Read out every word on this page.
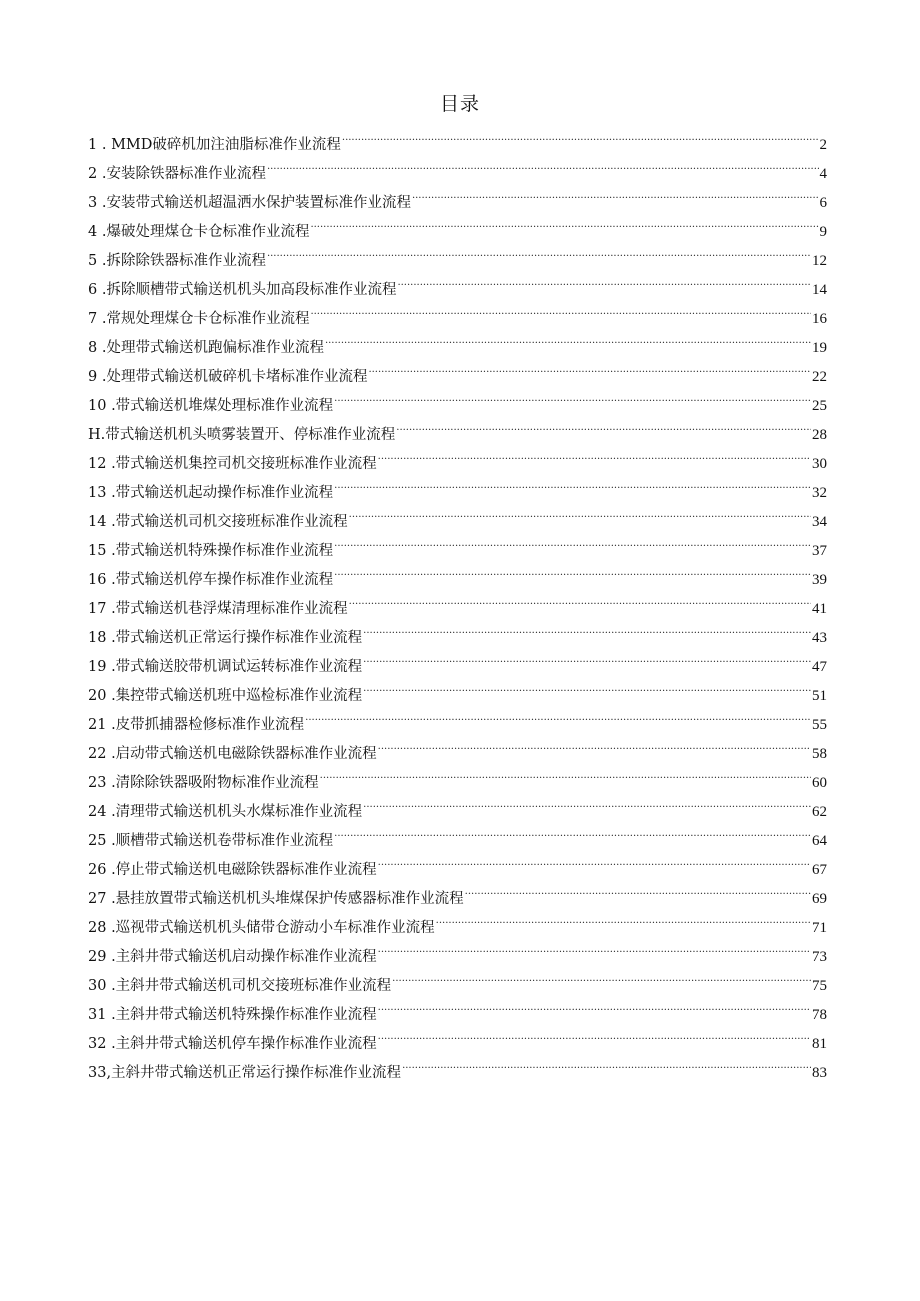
目录
1 . MMD破碎机加注油脂标准作业流程 .....	2
2 .安装除铁器标准作业流程 .....	4
3 .安装带式输送机超温洒水保护装置标准作业流程 .....	6
4 .爆破处理煤仓卡仓标准作业流程 .....	9
5 .拆除除铁器标准作业流程 .....	12
6 .拆除顺槽带式输送机机头加高段标准作业流程 .....	14
7 .常规处理煤仓卡仓标准作业流程 .....	16
8 .处理带式输送机跑偏标准作业流程 .....	19
9 .处理带式输送机破碎机卡堵标准作业流程 .....	22
10 .带式输送机堆煤处理标准作业流程 .....	25
H .带式输送机机头喷雾装置开、停标准作业流程 .....	28
12 .带式输送机集控司机交接班标准作业流程 .....	30
13 .带式输送机起动操作标准作业流程 .....	32
14 .带式输送机司机交接班标准作业流程 .....	34
15 .带式输送机特殊操作标准作业流程 .....	37
16 .带式输送机停车操作标准作业流程 .....	39
17 .带式输送机巷浮煤清理标准作业流程 .....	41
18 .带式输送机正常运行操作标准作业流程 .....	43
19 .带式输送胶带机调试运转标准作业流程 .....	47
20 .集控带式输送机班中巡检标准作业流程 .....	51
21 .皮带抓捕器检修标准作业流程 .....	55
22 .启动带式输送机电磁除铁器标准作业流程 .....	58
23 .清除除铁器吸附物标准作业流程 .....	60
24 .清理带式输送机机头水煤标准作业流程 .....	62
25 .顺槽带式输送机卷带标准作业流程 .....	64
26 .停止带式输送机电磁除铁器标准作业流程 .....	67
27 .悬挂放置带式输送机机头堆煤保护传感器标准作业流程 .....	69
28 .巡视带式输送机机头储带仓游动小车标准作业流程 .....	71
29 .主斜井带式输送机启动操作标准作业流程 .....	73
30 .主斜井带式输送机司机交接班标准作业流程 .....	75
31 .主斜井带式输送机特殊操作标准作业流程 .....	78
32 .主斜井带式输送机停车操作标准作业流程 .....	81
33 ,主斜井带式输送机正常运行操作标准作业流程 .....	83
